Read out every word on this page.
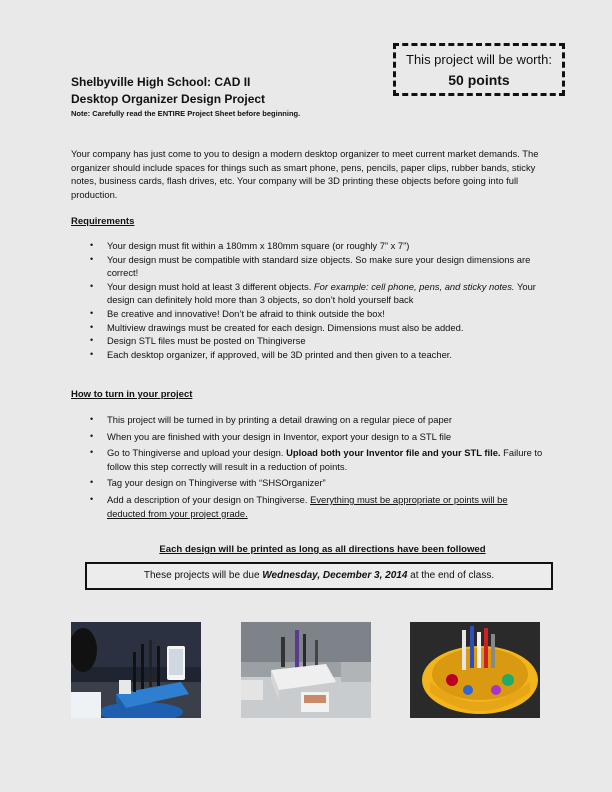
This project will be worth:
50 points
Shelbyville High School: CAD II
Desktop Organizer Design Project
Note: Carefully read the ENTIRE Project Sheet before beginning.

Your company has just come to you to design a modern desktop organizer to meet current market demands. The organizer should include spaces for things such as smart phone, pens, pencils, paper clips, rubber bands, sticky notes, business cards, flash drives, etc. Your company will be 3D printing these objects before going into full production.

Requirements

• Your design must fit within a 180mm x 180mm square (or roughly 7” x 7”)
• Your design must be compatible with standard size objects. So make sure your design dimensions are correct!
• Your design must hold at least 3 different objects. For example: cell phone, pens, and sticky notes. Your design can definitely hold more than 3 objects, so don’t hold yourself back
• Be creative and innovative! Don’t be afraid to think outside the box!
• Multiview drawings must be created for each design. Dimensions must also be added.
• Design STL files must be posted on Thingiverse
• Each desktop organizer, if approved, will be 3D printed and then given to a teacher.

How to turn in your project

• This project will be turned in by printing a detail drawing on a regular piece of paper
• When you are finished with your design in Inventor, export your design to a STL file
• Go to Thingiverse and upload your design. Upload both your Inventor file and your STL file. Failure to follow this step correctly will result in a reduction of points.
• Tag your design on Thingiverse with “SHSOrganizer”
• Add a description of your design on Thingiverse. Everything must be appropriate or points will be deducted from your project grade.
Each design will be printed as long as all directions have been followed
These projects will be due Wednesday, December 3, 2014 at the end of class.
